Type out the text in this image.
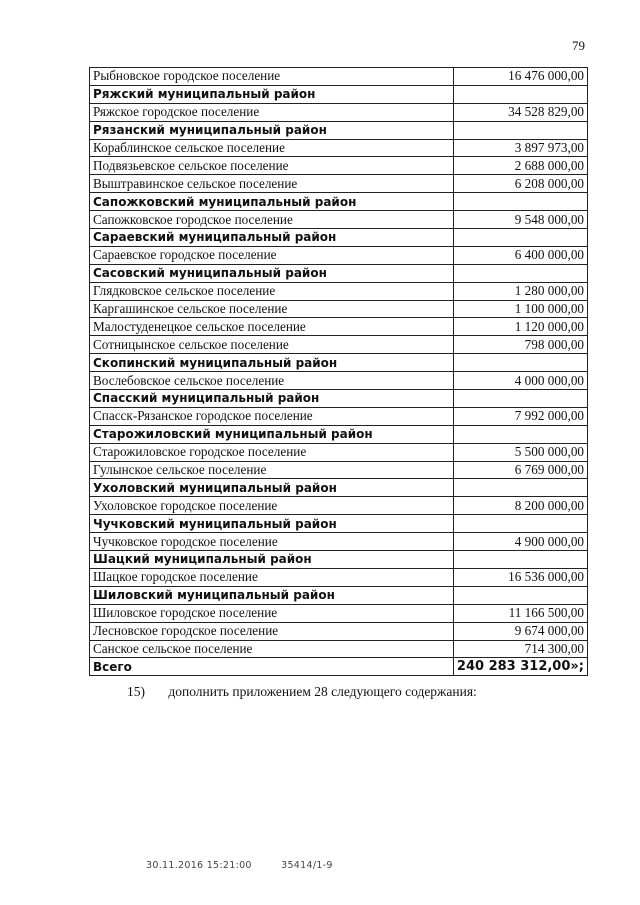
79
Рыбновское городское поселение	16 476 000,00
Ряжский муниципальный район	
Ряжское городское поселение	34 528 829,00
Рязанский муниципальный район	
Кораблинское сельское поселение	3 897 973,00
Подвязьевское сельское поселение	2 688 000,00
Выштравинское сельское поселение	6 208 000,00
Сапожковский муниципальный район	
Сапожковское городское поселение	9 548 000,00
Сараевский муниципальный район	
Сараевское городское поселение	6 400 000,00
Сасовский муниципальный район	
Глядковское сельское поселение	1 280 000,00
Каргашинское сельское поселение	1 100 000,00
Малостуденецкое сельское поселение	1 120 000,00
Сотницынское сельское поселение	798 000,00
Скопинский муниципальный район	
Вослебовское сельское поселение	4 000 000,00
Спасский муниципальный район	
Спасск-Рязанское городское поселение	7 992 000,00
Старожиловский муниципальный район	
Старожиловское городское поселение	5 500 000,00
Гулынское сельское поселение	6 769 000,00
Ухоловский муниципальный район	
Ухоловское городское поселение	8 200 000,00
Чучковский муниципальный район	
Чучковское городское поселение	4 900 000,00
Шацкий муниципальный район	
Шацкое городское поселение	16 536 000,00
Шиловский муниципальный район	
Шиловское городское поселение	11 166 500,00
Лесновское городское поселение	9 674 000,00
Санское сельское поселение	714 300,00
Всего	240 283 312,00»;
15) дополнить приложением 28 следующего содержания:
30.11.2016 15:21:00	35414/1-9
